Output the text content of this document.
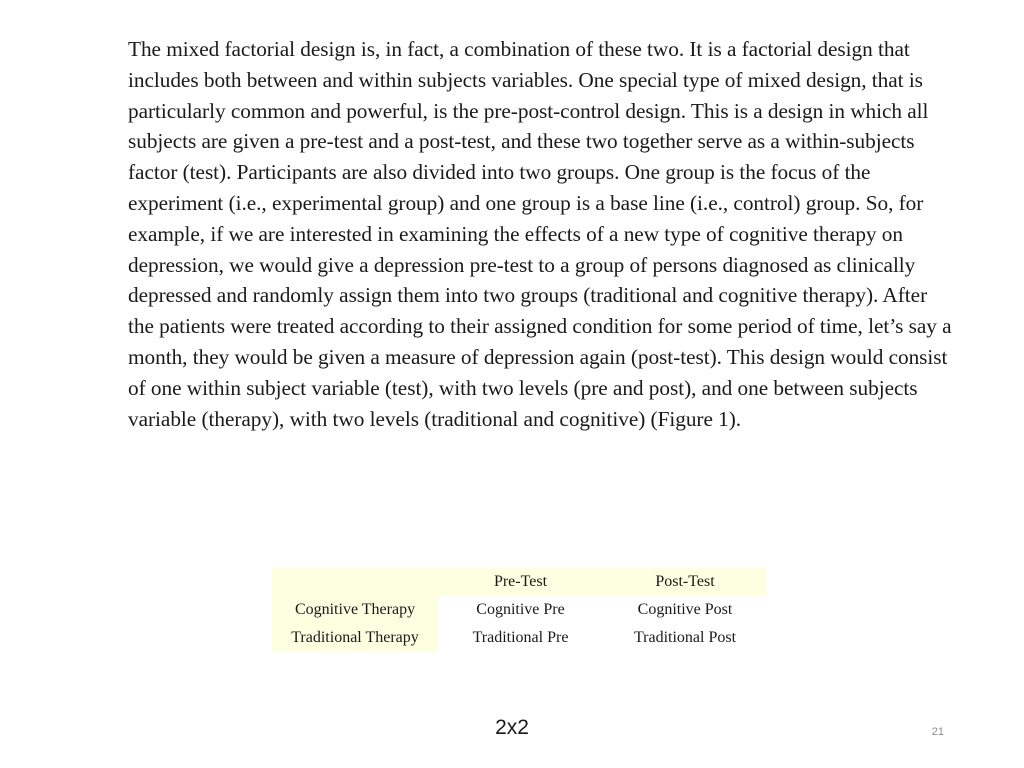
The mixed factorial design is, in fact, a combination of these two. It is a factorial design that includes both between and within subjects variables. One special type of mixed design, that is particularly common and powerful, is the pre-post-control design. This is a design in which all subjects are given a pre-test and a post-test, and these two together serve as a within-subjects factor (test). Participants are also divided into two groups. One group is the focus of the experiment (i.e., experimental group) and one group is a base line (i.e., control) group. So, for example, if we are interested in examining the effects of a new type of cognitive therapy on depression, we would give a depression pre-test to a group of persons diagnosed as clinically depressed and randomly assign them into two groups (traditional and cognitive therapy). After the patients were treated according to their assigned condition for some period of time, let’s say a month, they would be given a measure of depression again (post-test). This design would consist of one within subject variable (test), with two levels (pre and post), and one between subjects variable (therapy), with two levels (traditional and cognitive) (Figure 1).

	Pre-Test	Post-Test
Cognitive Therapy	Cognitive Pre	Cognitive Post
Traditional Therapy	Traditional Pre	Traditional Post
2x2	21
